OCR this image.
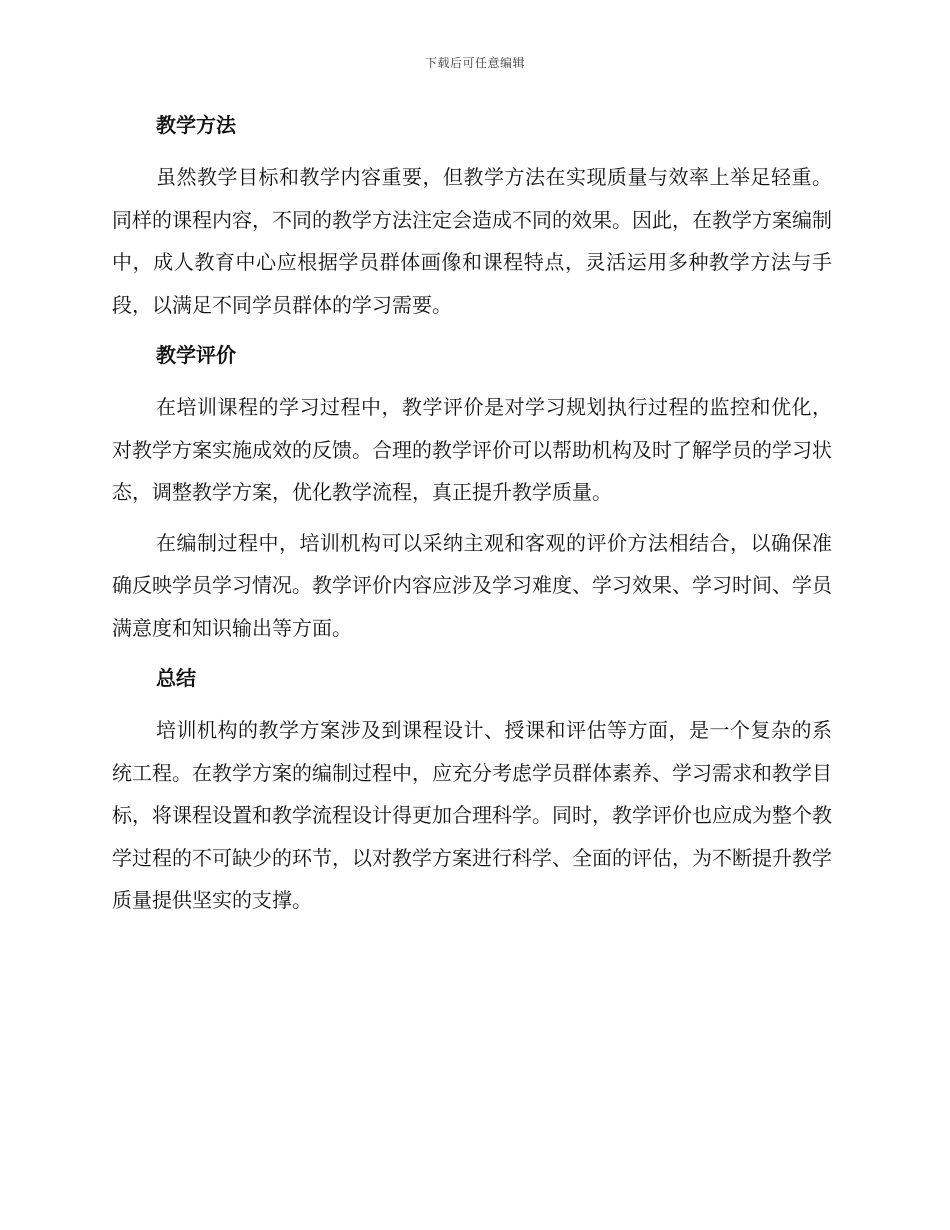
下载后可任意编辑
教学方法

虽然教学目标和教学内容重要，但教学方法在实现质量与效率上举足轻重。同样的课程内容，不同的教学方法注定会造成不同的效果。因此，在教学方案编制中，成人教育中心应根据学员群体画像和课程特点，灵活运用多种教学方法与手段，以满足不同学员群体的学习需要。

教学评价

在培训课程的学习过程中，教学评价是对学习规划执行过程的监控和优化，对教学方案实施成效的反馈。合理的教学评价可以帮助机构及时了解学员的学习状态，调整教学方案，优化教学流程，真正提升教学质量。

在编制过程中，培训机构可以采纳主观和客观的评价方法相结合，以确保准确反映学员学习情况。教学评价内容应涉及学习难度、学习效果、学习时间、学员满意度和知识输出等方面。

总结

培训机构的教学方案涉及到课程设计、授课和评估等方面，是一个复杂的系统工程。在教学方案的编制过程中，应充分考虑学员群体素养、学习需求和教学目标，将课程设置和教学流程设计得更加合理科学。同时，教学评价也应成为整个教学过程的不可缺少的环节，以对教学方案进行科学、全面的评估，为不断提升教学质量提供坚实的支撑。
